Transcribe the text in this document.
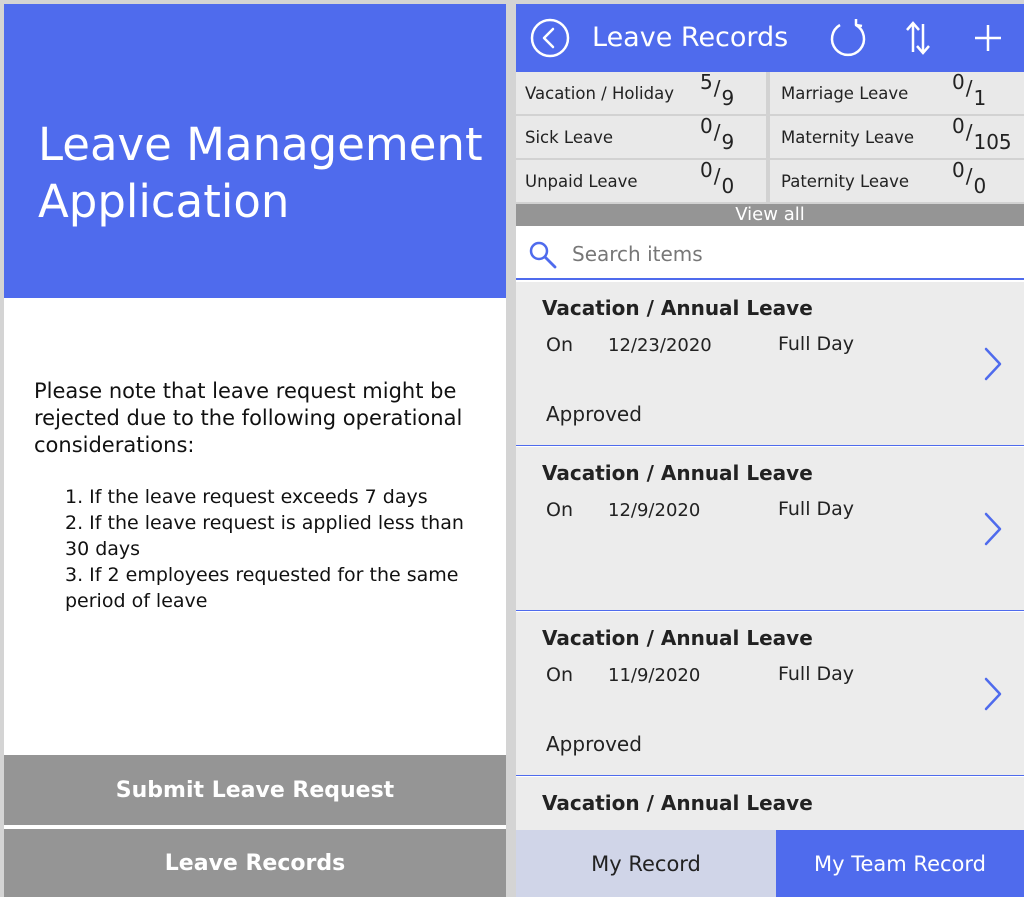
Leave Management Application

Please note that leave request might be rejected due to the following operational considerations:

1. If the leave request exceeds 7 days
2. If the leave request is applied less than 30 days
3. If 2 employees requested for the same period of leave
Submit Leave Request
Leave Records
Leave Records
Vacation / Holiday 5/9	Marriage Leave 0/1
Sick Leave	0/9	Maternity Leave 0/105
Unpaid Leave	0/0	Paternity Leave 0/0
View all
Search items
Vacation / Annual Leave
On 12/23/2020	Full Day
Approved
Vacation / Annual Leave
On 12/9/2020	Full Day
Vacation / Annual Leave
On 11/9/2020	Full Day
Approved
Vacation / Annual Leave
My Record	My Team Record
